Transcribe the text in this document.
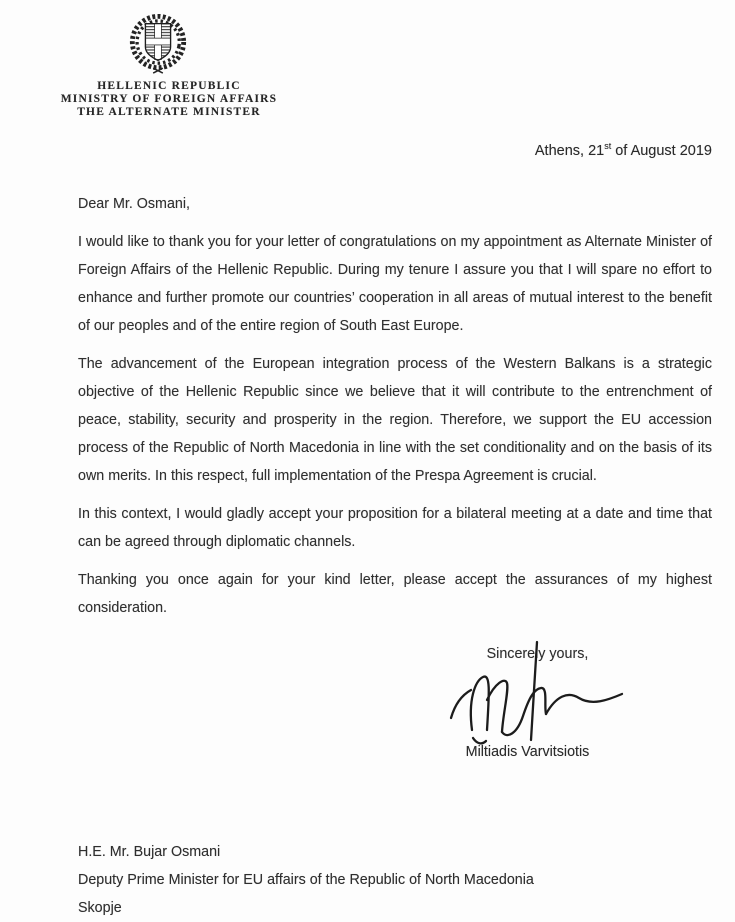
HELLENIC REPUBLIC
MINISTRY OF FOREIGN AFFAIRS
THE ALTERNATE MINISTER
Athens, 21st of August 2019

Dear Mr. Osmani,

I would like to thank you for your letter of congratulations on my appointment as Alternate Minister of Foreign Affairs of the Hellenic Republic. During my tenure I assure you that I will spare no effort to enhance and further promote our countries’ cooperation in all areas of mutual interest to the benefit of our peoples and of the entire region of South East Europe.

The advancement of the European integration process of the Western Balkans is a strategic objective of the Hellenic Republic since we believe that it will contribute to the entrenchment of peace, stability, security and prosperity in the region. Therefore, we support the EU accession process of the Republic of North Macedonia in line with the set conditionality and on the basis of its own merits. In this respect, full implementation of the Prespa Agreement is crucial.

In this context, I would gladly accept your proposition for a bilateral meeting at a date and time that can be agreed through diplomatic channels.

Thanking you once again for your kind letter, please accept the assurances of my highest consideration.

Sincerely yours,
Miltiadis Varvitsiotis
H.E. Mr. Bujar Osmani
Deputy Prime Minister for EU affairs of the Republic of North Macedonia
Skopje
